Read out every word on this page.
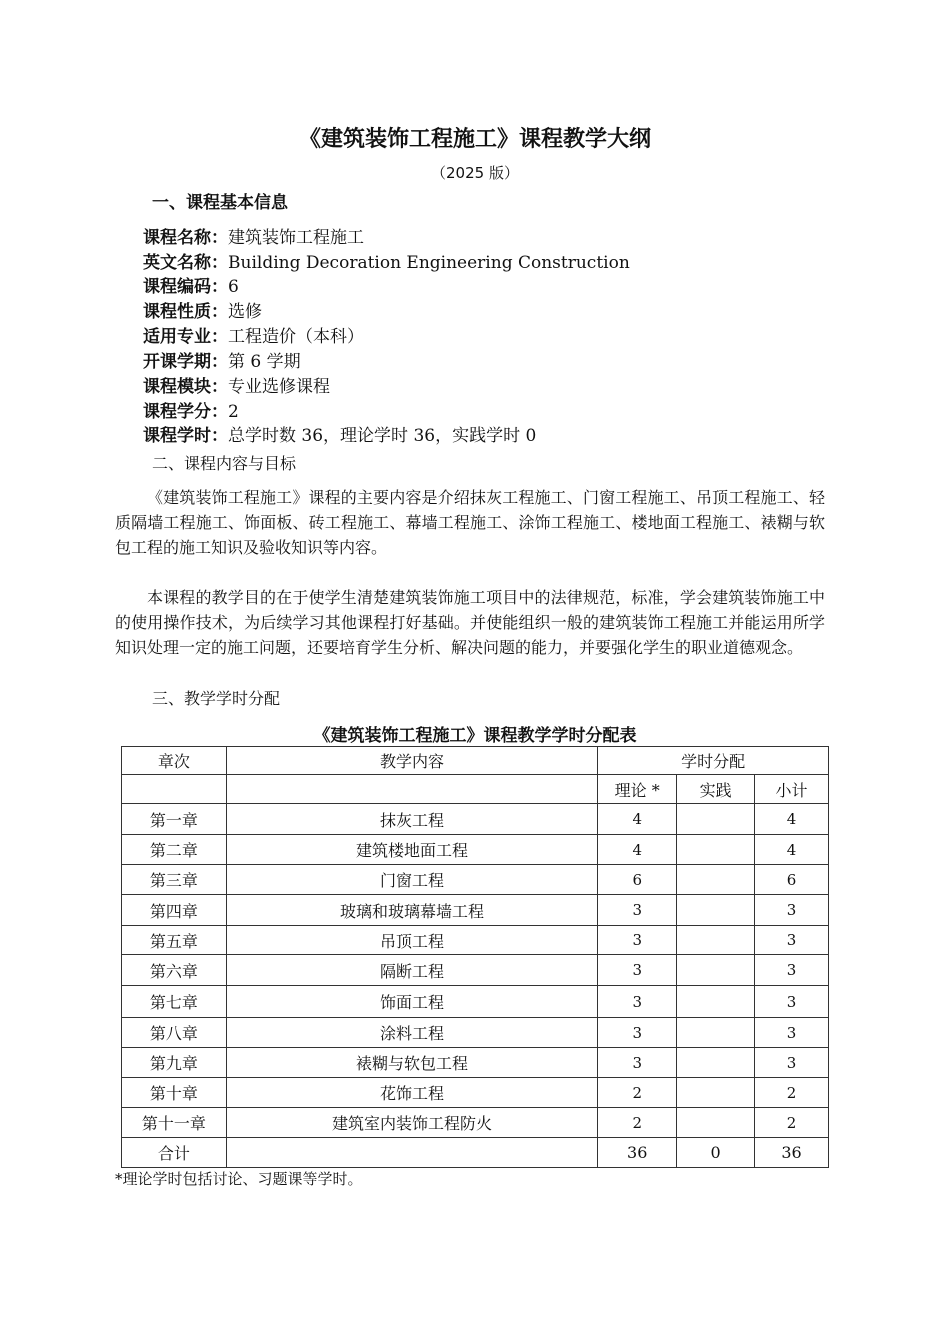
《建筑装饰工程施工》课程教学大纲
（2025 版）
一、课程基本信息
课程名称：建筑装饰工程施工
英文名称：Building Decoration Engineering Construction
课程编码：6
课程性质：选修
适用专业：工程造价（本科）
开课学期：第 6 学期
课程模块：专业选修课程
课程学分：2
课程学时：总学时数 36，理论学时 36，实践学时 0
二、课程内容与目标
《建筑装饰工程施工》课程的主要内容是介绍抹灰工程施工、门窗工程施工、吊顶工程施工、轻质隔墙工程施工、饰面板、砖工程施工、幕墙工程施工、涂饰工程施工、楼地面工程施工、裱糊与软包工程的施工知识及验收知识等内容。
本课程的教学目的在于使学生清楚建筑装饰施工项目中的法律规范，标准，学会建筑装饰施工中的使用操作技术，为后续学习其他课程打好基础。并使能组织一般的建筑装饰工程施工并能运用所学知识处理一定的施工问题，还要培育学生分析、解决问题的能力，并要强化学生的职业道德观念。
三、教学学时分配
《建筑装饰工程施工》课程教学学时分配表
章次	教学内容	学时分配		
		理论 *	实践	小计
第一章	抹灰工程	4		4
第二章	建筑楼地面工程	4		4
第三章	门窗工程	6		6
第四章	玻璃和玻璃幕墙工程	3		3
第五章	吊顶工程	3		3
第六章	隔断工程	3		3
第七章	饰面工程	3		3
第八章	涂料工程	3		3
第九章	裱糊与软包工程	3		3
第十章	花饰工程	2		2
第十一章	建筑室内装饰工程防火	2		2
合计		36	0	36
*理论学时包括讨论、习题课等学时。
